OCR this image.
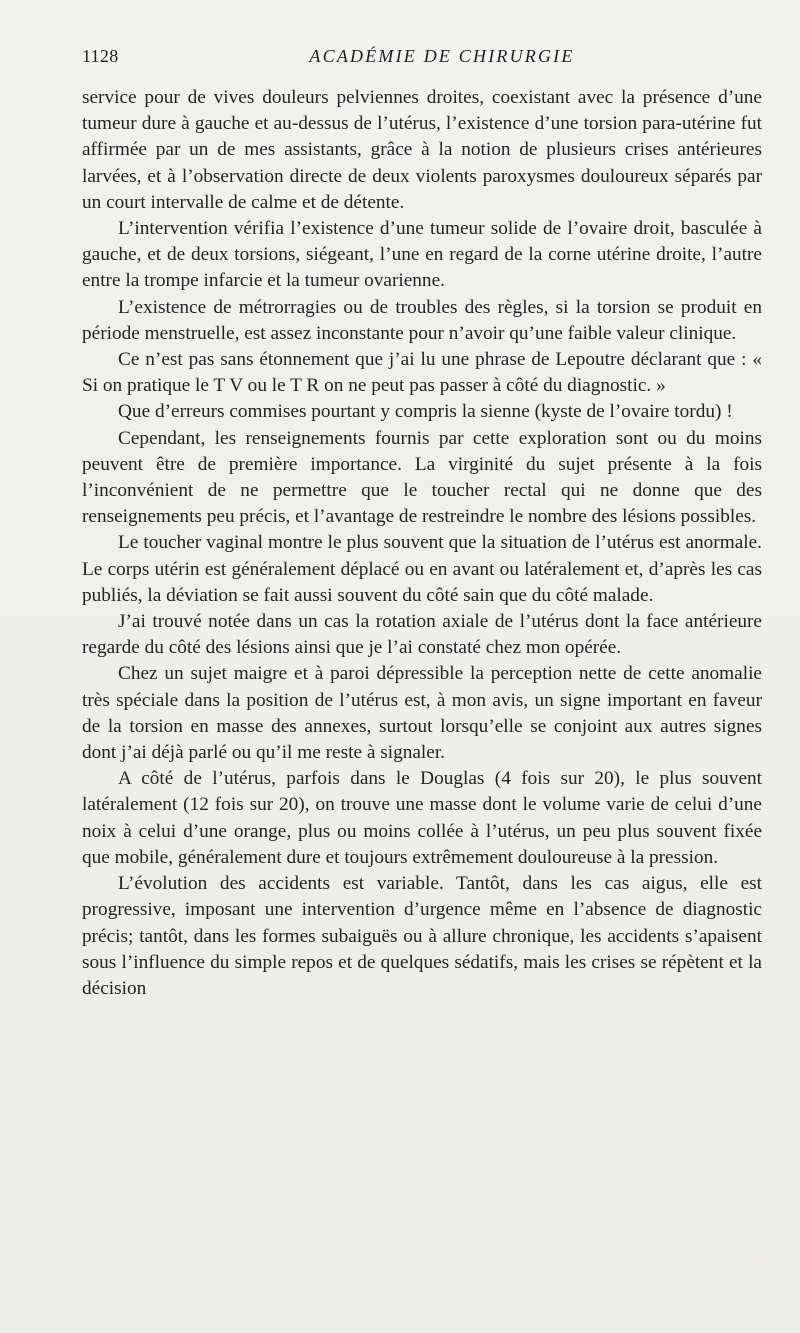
1128	ACADÉMIE DE CHIRURGIE

service pour de vives douleurs pelviennes droites, coexistant avec la présence d’une tumeur dure à gauche et au-dessus de l’utérus, l’existence d’une torsion para-utérine fut affirmée par un de mes assistants, grâce à la notion de plusieurs crises antérieures larvées, et à l’observation directe de deux violents paroxysmes douloureux séparés par un court intervalle de calme et de détente.

L’intervention vérifia l’existence d’une tumeur solide de l’ovaire droit, basculée à gauche, et de deux torsions, siégeant, l’une en regard de la corne utérine droite, l’autre entre la trompe infarcie et la tumeur ovarienne.

L’existence de métrorragies ou de troubles des règles, si la torsion se produit en période menstruelle, est assez inconstante pour n’avoir qu’une faible valeur clinique.

Ce n’est pas sans étonnement que j’ai lu une phrase de Lepoutre déclarant que : « Si on pratique le T V ou le T R on ne peut pas passer à côté du diagnostic. »

Que d’erreurs commises pourtant y compris la sienne (kyste de l’ovaire tordu) !

Cependant, les renseignements fournis par cette exploration sont ou du moins peuvent être de première importance. La virginité du sujet présente à la fois l’inconvénient de ne permettre que le toucher rectal qui ne donne que des renseignements peu précis, et l’avantage de restreindre le nombre des lésions possibles.

Le toucher vaginal montre le plus souvent que la situation de l’utérus est anormale. Le corps utérin est généralement déplacé ou en avant ou latéralement et, d’après les cas publiés, la déviation se fait aussi souvent du côté sain que du côté malade.

J’ai trouvé notée dans un cas la rotation axiale de l’utérus dont la face antérieure regarde du côté des lésions ainsi que je l’ai constaté chez mon opérée.

Chez un sujet maigre et à paroi dépressible la perception nette de cette anomalie très spéciale dans la position de l’utérus est, à mon avis, un signe important en faveur de la torsion en masse des annexes, surtout lorsqu’elle se conjoint aux autres signes dont j’ai déjà parlé ou qu’il me reste à signaler.

A côté de l’utérus, parfois dans le Douglas (4 fois sur 20), le plus souvent latéralement (12 fois sur 20), on trouve une masse dont le volume varie de celui d’une noix à celui d’une orange, plus ou moins collée à l’utérus, un peu plus souvent fixée que mobile, généralement dure et toujours extrêmement douloureuse à la pression.

L’évolution des accidents est variable. Tantôt, dans les cas aigus, elle est progressive, imposant une intervention d’urgence même en l’absence de diagnostic précis; tantôt, dans les formes subaiguës ou à allure chronique, les accidents s’apaisent sous l’influence du simple repos et de quelques sédatifs, mais les crises se répètent et la décision
